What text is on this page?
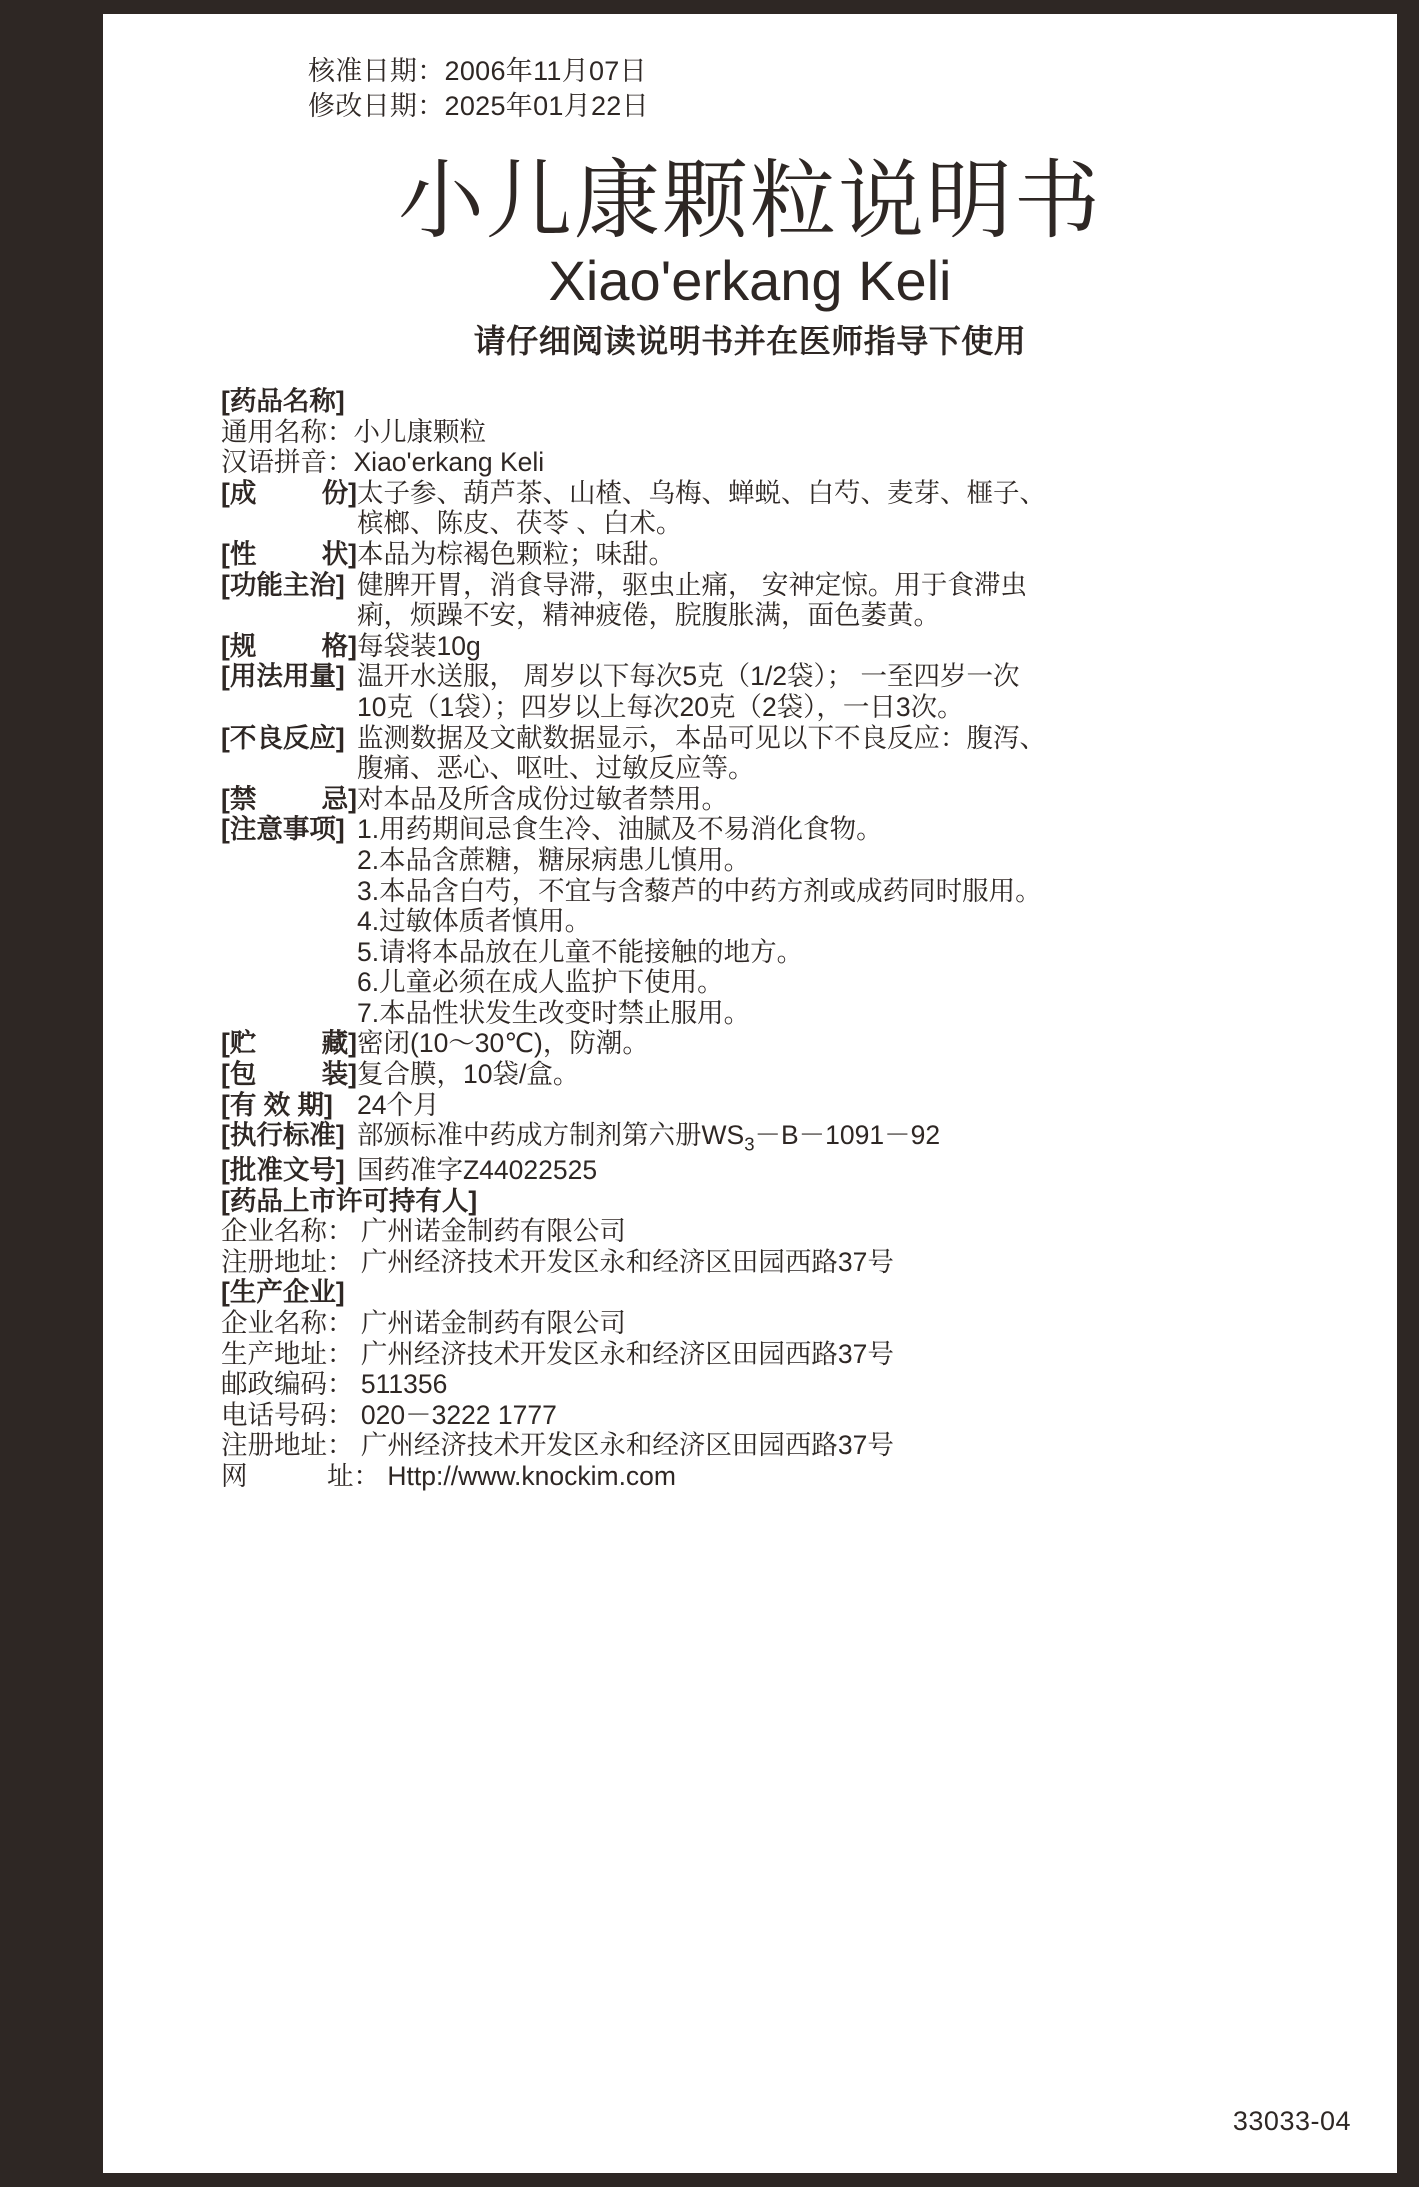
核准日期：2006年11月07日
修改日期：2025年01月22日
小儿康颗粒说明书
Xiao'erkang Keli
请仔细阅读说明书并在医师指导下使用
[药品名称]
通用名称：小儿康颗粒
汉语拼音：Xiao'erkang Keli
[成 份] 太子参、葫芦茶、山楂、乌梅、蝉蜕、白芍、麦芽、榧子、
槟榔、陈皮、茯苓 、白术。
[性 状] 本品为棕褐色颗粒；味甜。
[功能主治] 健脾开胃，消食导滞，驱虫止痛， 安神定惊。用于食滞虫
痢，烦躁不安，精神疲倦，脘腹胀满，面色萎黄。
[规 格] 每袋装10g
[用法用量] 温开水送服， 周岁以下每次5克（1/2袋）； 一至四岁一次
10克（1袋）；四岁以上每次20克（2袋），一日3次。
[不良反应] 监测数据及文献数据显示，本品可见以下不良反应：腹泻、
腹痛、恶心、呕吐、过敏反应等。
[禁 忌] 对本品及所含成份过敏者禁用。
[注意事项] 1.用药期间忌食生冷、油腻及不易消化食物。
2.本品含蔗糖，糖尿病患儿慎用。
3.本品含白芍，不宜与含藜芦的中药方剂或成药同时服用。
4.过敏体质者慎用。
5.请将本品放在儿童不能接触的地方。
6.儿童必须在成人监护下使用。
7.本品性状发生改变时禁止服用。
[贮 藏] 密闭(10～30℃)，防潮。
[包 装] 复合膜，10袋/盒。
[有 效 期] 24个月
[执行标准] 部颁标准中药成方制剂第六册$WS_3-B-1091-92$
[批准文号] 国药准字Z44022525
[药品上市许可持有人]
企业名称： 广州诺金制药有限公司
注册地址： 广州经济技术开发区永和经济区田园西路37号
[生产企业]
企业名称： 广州诺金制药有限公司
生产地址： 广州经济技术开发区永和经济区田园西路37号
邮政编码： 511356
电话号码： 020－3222 1777
注册地址： 广州经济技术开发区永和经济区田园西路37号
网　　　址： Http://www.knockim.com
33033-04
